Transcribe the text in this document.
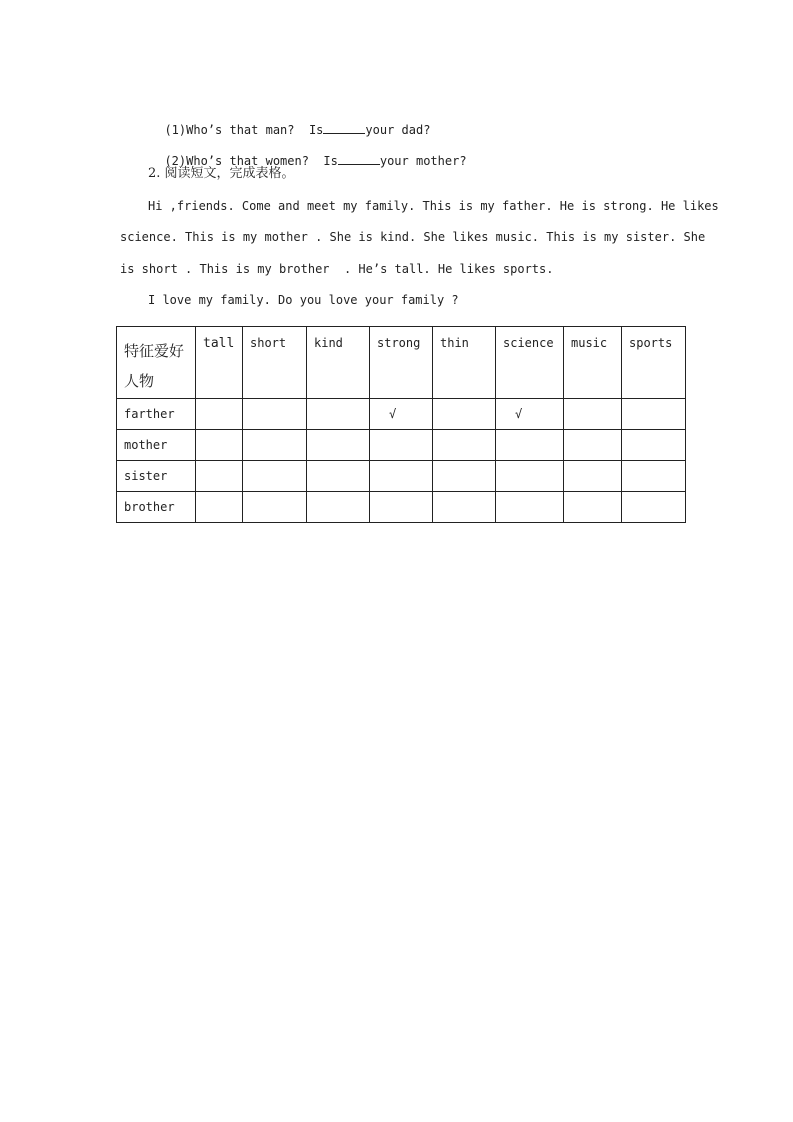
(1)Who’s that man?  Is	your dad?

(2)Who’s that women?  Is	your mother?

2. 阅读短文，完成表格。
Hi ,friends. Come and meet my family. This is my father. He is strong. He likes
science. This is my mother . She is kind. She likes music. This is my sister. She
is short . This is my brother  . He’s tall. He likes sports.
I love my family. Do you love your family ?
特征爱好
人物	tall	short	kind	strong	thin	science	music	sports
farther				√		√		
mother								
sister								
brother								
